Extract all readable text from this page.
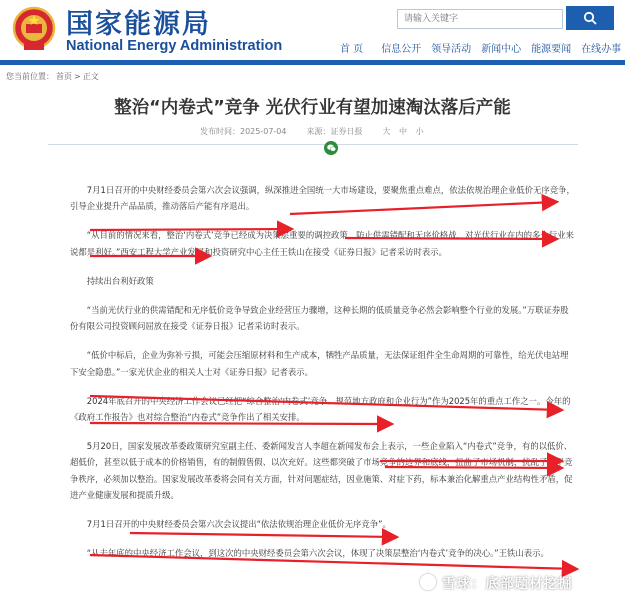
国家能源局
National Energy Administration
请输入关键字	首 页	信息公开	领导活动	新闻中心	能源要闻	在线办事
您当前位置： 首页 > 正文
整治“内卷式”竞争 光伏行业有望加速淘汰落后产能
发布时间：2025-07-04	来源：证券日报	大 中 小

7月1日召开的中央财经委员会第六次会议强调，纵深推进全国统一大市场建设，要聚焦重点难点，依法依规治理企业低价无序竞争，引导企业提升产品品质，推动落后产能有序退出。

“从目前的情况来看，整治‘内卷式’竞争已经成为决策层重要的调控政策，防止供需错配和无序价格战，对光伏行业在内的多个行业来说都是利好。”西安工程大学产业发展和投资研究中心主任王铁山在接受《证券日报》记者采访时表示。

持续出台利好政策

“当前光伏行业的供需错配和无序低价竞争导致企业经营压力骤增，这种长期的低质量竞争必然会影响整个行业的发展。”万联证券股份有限公司投资顾问屈放在接受《证券日报》记者采访时表示。

“低价中标后，企业为弥补亏损，可能会压缩原材料和生产成本，牺牲产品质量，无法保证组件全生命周期的可靠性，给光伏电站埋下安全隐患。”一家光伏企业的相关人士对《证券日报》记者表示。

2024年底召开的中央经济工作会议已经把“综合整治‘内卷式’竞争、规范地方政府和企业行为”作为2025年的重点工作之一。今年的《政府工作报告》也对综合整治“内卷式”竞争作出了相关安排。

5月20日，国家发展改革委政策研究室副主任、委新闻发言人李超在新闻发布会上表示，一些企业陷入“内卷式”竞争，有的以低价、超低价，甚至以低于成本的价格销售，有的制假售假、以次充好。这些都突破了市场竞争的边界和底线，扭曲了市场机制，扰乱了公平竞争秩序，必须加以整治。国家发展改革委将会同有关方面，针对问题症结，因业施策、对症下药，标本兼治化解重点产业结构性矛盾，促进产业健康发展和提质升级。

7月1日召开的中央财经委员会第六次会议提出“依法依规治理企业低价无序竞争”。

“从去年底的中央经济工作会议，到这次的中央财经委员会第六次会议，体现了决策层整治‘内卷式’竞争的决心。”王铁山表示。

雪球：底部题材挖掘
